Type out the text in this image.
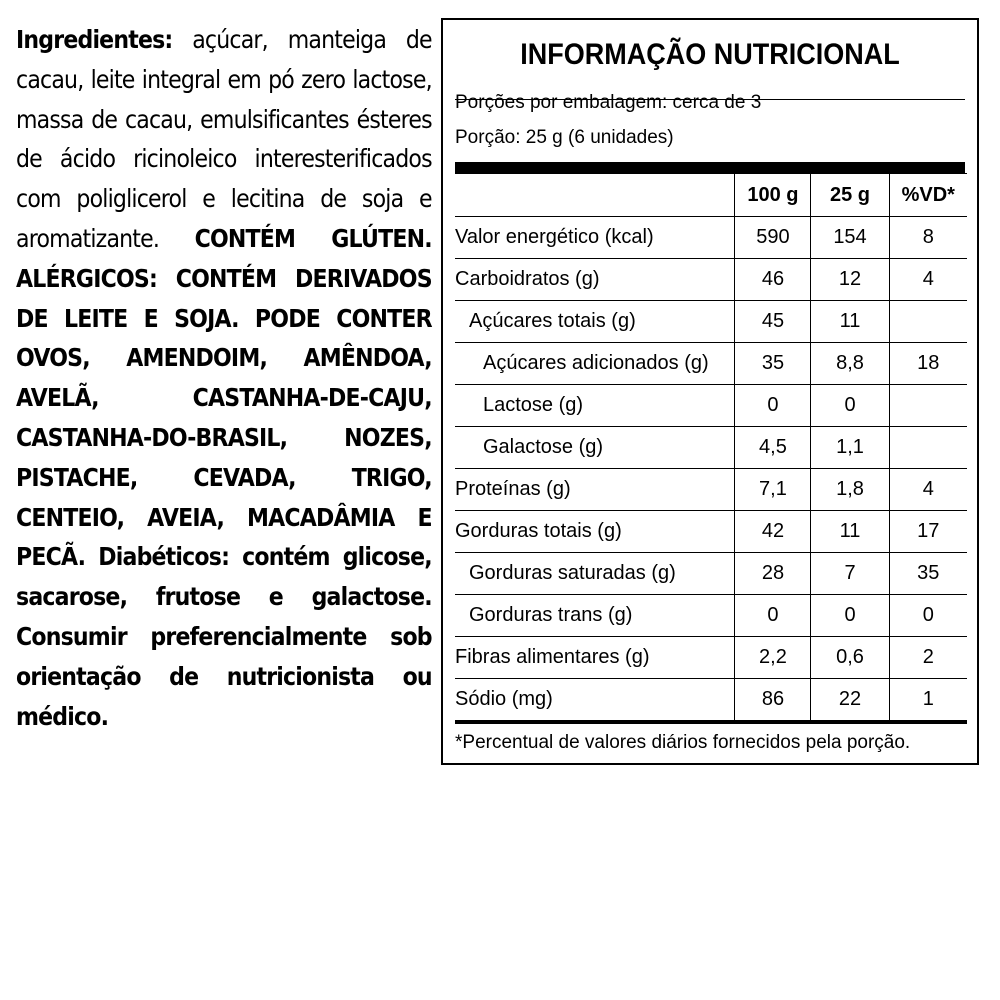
Ingredientes: açúcar, manteiga de cacau, leite integral em pó zero lactose, massa de cacau, emulsificantes ésteres de ácido ricinoleico interesterificados com poliglicerol e lecitina de soja e aromatizante. CONTÉM GLÚTEN. ALÉRGICOS: CONTÉM DERIVADOS DE LEITE E SOJA. PODE CONTER OVOS, AMENDOIM, AMÊNDOA, AVELÃ, CASTANHA-DE-CAJU, CASTANHA-DO-BRASIL, NOZES, PISTACHE, CEVADA, TRIGO, CENTEIO, AVEIA, MACADÂMIA E PECÃ. Diabéticos: contém glicose, sacarose, frutose e galactose. Consumir preferencialmente sob orientação de nutricionista ou médico.
INFORMAÇÃO NUTRICIONAL
Porções por embalagem: cerca de 3
Porção: 25 g (6 unidades)
	100 g	25 g	%VD*
Valor energético (kcal)	590	154	8
Carboidratos (g)	46	12	4
Açúcares totais (g)	45	11	
Açúcares adicionados (g)	35	8,8	18
Lactose (g)	0	0	
Galactose (g)	4,5	1,1	
Proteínas (g)	7,1	1,8	4
Gorduras totais (g)	42	11	17
Gorduras saturadas (g)	28	7	35
Gorduras trans (g)	0	0	0
Fibras alimentares (g)	2,2	0,6	2
Sódio (mg)	86	22	1
*Percentual de valores diários fornecidos pela porção.
